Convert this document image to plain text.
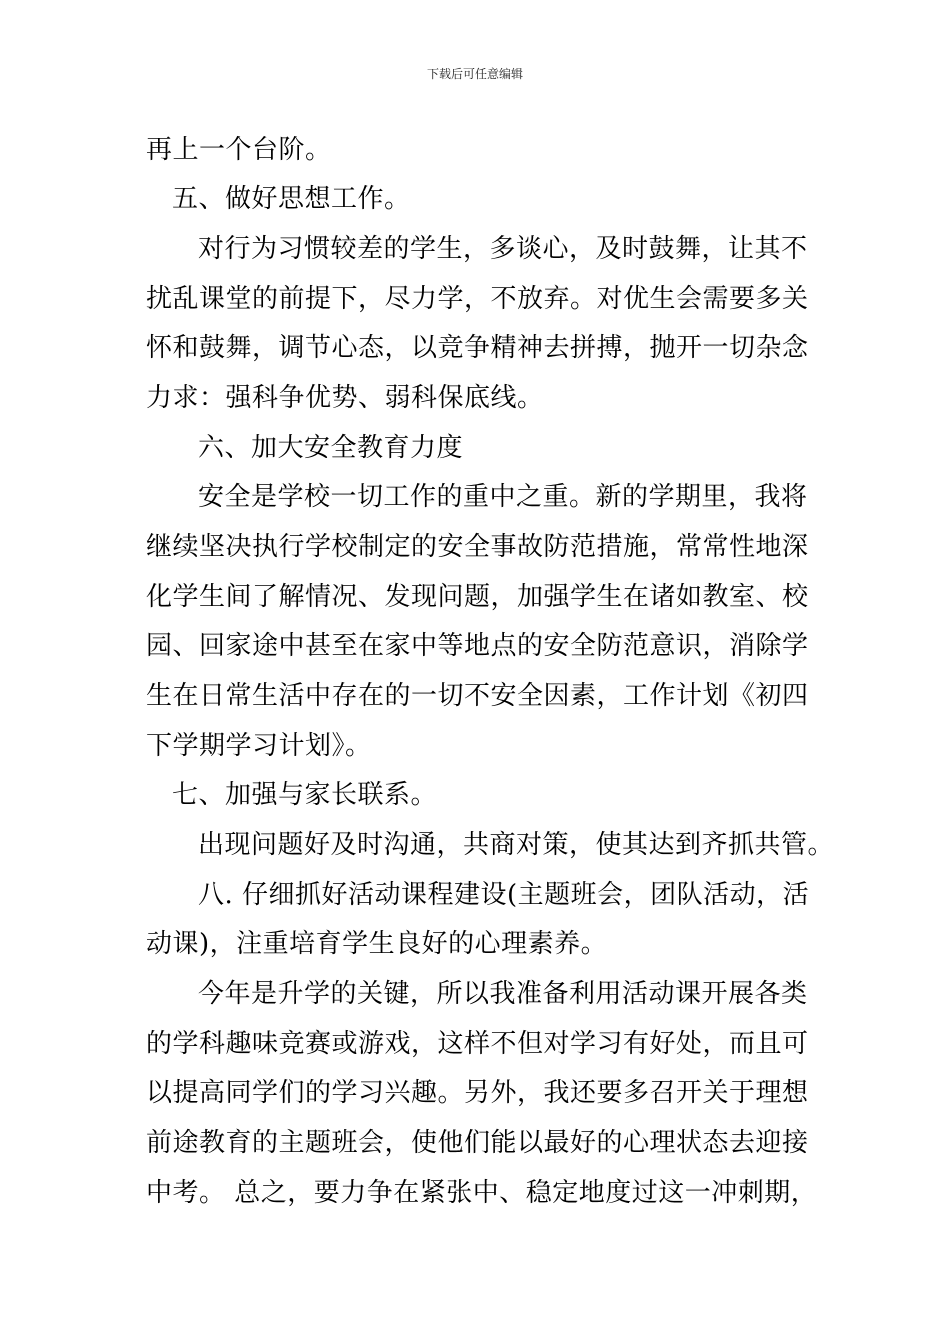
下载后可任意编辑
再上一个台阶。
五、做好思想工作。
对行为习惯较差的学生，多谈心，及时鼓舞，让其不
扰乱课堂的前提下，尽力学，不放弃。对优生会需要多关
怀和鼓舞，调节心态，以竞争精神去拼搏，抛开一切杂念
力求：强科争优势、弱科保底线。
六、加大安全教育力度
安全是学校一切工作的重中之重。新的学期里，我将
继续坚决执行学校制定的安全事故防范措施，常常性地深
化学生间了解情况、发现问题，加强学生在诸如教室、校
园、回家途中甚至在家中等地点的安全防范意识，消除学
生在日常生活中存在的一切不安全因素，工作计划《初四
下学期学习计划》。
七、加强与家长联系。
出现问题好及时沟通，共商对策，使其达到齐抓共管。
八. 仔细抓好活动课程建设(主题班会，团队活动，活
动课)，注重培育学生良好的心理素养。
今年是升学的关键，所以我准备利用活动课开展各类
的学科趣味竞赛或游戏，这样不但对学习有好处，而且可
以提高同学们的学习兴趣。另外，我还要多召开关于理想
前途教育的主题班会，使他们能以最好的心理状态去迎接
中考。 总之，要力争在紧张中、稳定地度过这一冲刺期，
